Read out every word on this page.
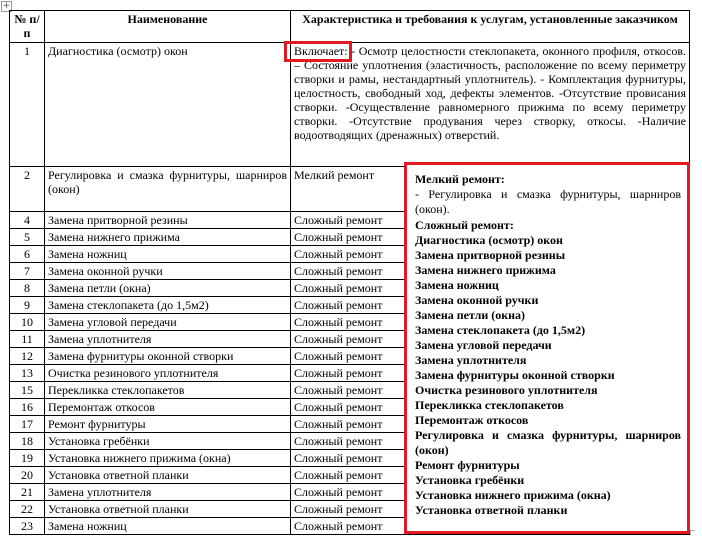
+
№ п/п	Наименование	Характеристика и требования к услугам, установленные заказчиком
1	Диагностика (осмотр) окон	Включает: - Осмотр целостности стеклопакета, оконного профиля, откосов. – Состояние уплотнения (эластичность, расположение по всему периметру створки и рамы, нестандартный уплотнитель). - Комплектация фурнитуры, целостность, свободный ход, дефекты элементов. -Отсутствие провисания створки. -Осуществление равномерного прижима по всему периметру створки. -Отсутствие продувания через створку, откосы. -Наличие водоотводящих (дренажных) отверстий.
2	Регулировка и смазка фурнитуры, шарниров (окон)	Мелкий ремонт
4	Замена притворной резины	Сложный ремонт
5	Замена нижнего прижима	Сложный ремонт
6	Замена ножниц	Сложный ремонт
7	Замена оконной ручки	Сложный ремонт
8	Замена петли (окна)	Сложный ремонт
9	Замена стеклопакета (до 1,5м2)	Сложный ремонт
10	Замена угловой передачи	Сложный ремонт
11	Замена уплотнителя	Сложный ремонт
12	Замена фурнитуры оконной створки	Сложный ремонт
13	Очистка резинового уплотнителя	Сложный ремонт
15	Перекликка стеклопакетов	Сложный ремонт
16	Перемонтаж откосов	Сложный ремонт
17	Ремонт фурнитуры	Сложный ремонт
18	Установка гребёнки	Сложный ремонт
19	Установка нижнего прижима (окна)	Сложный ремонт
20	Установка ответной планки	Сложный ремонт
21	Замена уплотнителя	Сложный ремонт
22	Установка ответной планки	Сложный ремонт
23	Замена ножниц	Сложный ремонт
Мелкий ремонт:
- Регулировка и смазка фурнитуры, шарниров (окон).
Сложный ремонт:
Диагностика (осмотр) окон
Замена притворной резины
Замена нижнего прижима
Замена ножниц
Замена оконной ручки
Замена петли (окна)
Замена стеклопакета (до 1,5м2)
Замена угловой передачи
Замена уплотнителя
Замена фурнитуры оконной створки
Очистка резинового уплотнителя
Перекликка стеклопакетов
Перемонтаж откосов
Регулировка и смазка фурнитуры, шарниров (окон)
Ремонт фурнитуры
Установка гребёнки
Установка нижнего прижима (окна)
Установка ответной планки
